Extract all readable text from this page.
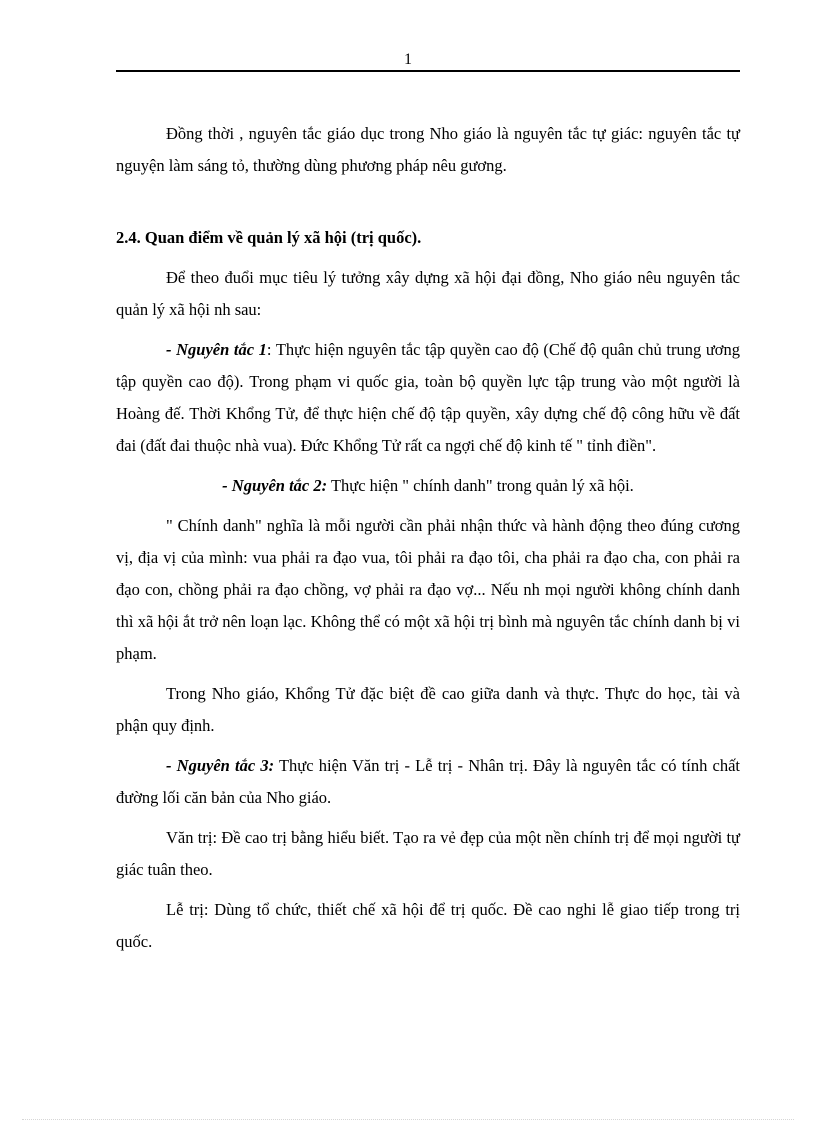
1

Đồng thời , nguyên tắc giáo dục trong Nho giáo là nguyên tắc tự giác: nguyên tắc tự nguyện làm sáng tỏ, thường dùng phương pháp nêu gương.

2.4. Quan điểm về quản lý xã hội (trị quốc).

Để theo đuổi mục tiêu lý tưởng xây dựng xã hội đại đồng, Nho giáo nêu nguyên tắc quản lý xã hội nh sau:

- Nguyên tắc 1: Thực hiện nguyên tắc tập quyền cao độ (Chế độ quân chủ trung ương tập quyền cao độ). Trong phạm vi quốc gia, toàn bộ quyền lực tập trung vào một người là Hoàng đế. Thời Khổng Tử, để thực hiện chế độ tập quyền, xây dựng chế độ công hữu về đất đai (đất đai thuộc nhà vua). Đức Khổng Tử rất ca ngợi chế độ kinh tế " tỉnh điền".

- Nguyên tắc 2: Thực hiện " chính danh" trong quản lý xã hội.

" Chính danh" nghĩa là mỗi người cần phải nhận thức và hành động theo đúng cương vị, địa vị của mình: vua phải ra đạo vua, tôi phải ra đạo tôi, cha phải ra đạo cha, con phải ra đạo con, chồng phải ra đạo chồng, vợ phải ra đạo vợ... Nếu nh mọi người không chính danh thì xã hội ắt trở nên loạn lạc. Không thể có một xã hội trị bình mà nguyên tắc chính danh bị vi phạm.

Trong Nho giáo, Khổng Tử đặc biệt đề cao giữa danh và thực. Thực do học, tài và phận quy định.

- Nguyên tắc 3: Thực hiện Văn trị - Lễ trị - Nhân trị. Đây là nguyên tắc có tính chất đường lối căn bản của Nho giáo.

Văn trị: Đề cao trị bằng hiểu biết. Tạo ra vẻ đẹp của một nền chính trị để mọi người tự giác tuân theo.

Lễ trị: Dùng tổ chức, thiết chế xã hội để trị quốc. Đề cao nghi lễ giao tiếp trong trị quốc.
